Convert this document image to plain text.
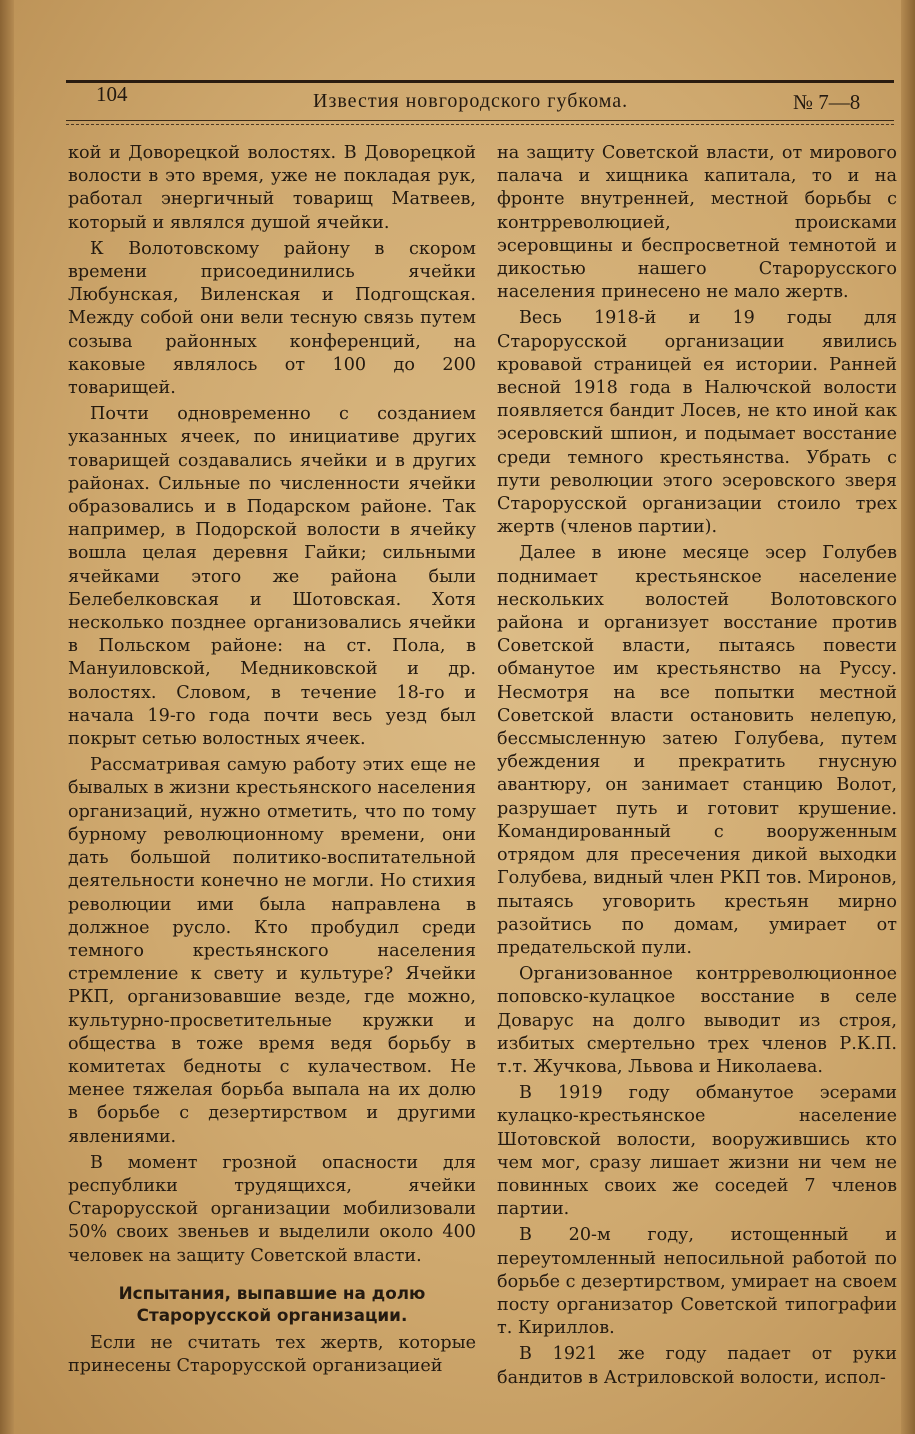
104	Известия новгородского губкома.	№ 7—8

кой и Доворецкой волостях. В Доворецкой волости в это время, уже не покладая рук, работал энергичный товарищ Матвеев, который и являлся душой ячейки.

К Волотовскому району в скором времени присоединились ячейки Любунская, Виленская и Подгощская. Между собой они вели тесную связь путем созыва районных конференций, на каковые являлось от 100 до 200 товарищей.

Почти одновременно с созданием указанных ячеек, по инициативе других товарищей создавались ячейки и в других районах. Сильные по численности ячейки образовались и в Подарском районе. Так например, в Подорской волости в ячейку вошла целая деревня Гайки; сильными ячейками этого же района были Белебелковская и Шотовская. Хотя несколько позднее организовались ячейки в Польском районе: на ст. Пола, в Мануиловской, Медниковской и др. волостях. Словом, в течение 18-го и начала 19-го года почти весь уезд был покрыт сетью волостных ячеек.

Рассматривая самую работу этих еще не бывалых в жизни крестьянского населения организаций, нужно отметить, что по тому бурному революционному времени, они дать большой политико-воспитательной деятельности конечно не могли. Но стихия революции ими была направлена в должное русло. Кто пробудил среди темного крестьянского населения стремление к свету и культуре? Ячейки РКП, организовавшие везде, где можно, культурно-просветительные кружки и общества в тоже время ведя борьбу в комитетах бедноты с кулачеством. Не менее тяжелая борьба выпала на их долю в борьбе с дезертирством и другими явлениями.

В момент грозной опасности для республики трудящихся, ячейки Старорусской организации мобилизовали 50% своих звеньев и выделили около 400 человек на защиту Советской власти.

Испытания, выпавшие на долю
Старорусской организации.

Если не считать тех жертв, которые принесены Старорусской организацией

на защиту Советской власти, от мирового палача и хищника капитала, то и на фронте внутренней, местной борьбы с контрреволюцией, происками эсеровщины и беспросветной темнотой и дикостью нашего Старорусского населения принесено не мало жертв.

Весь 1918-й и 19 годы для Старорусской организации явились кровавой страницей ея истории. Ранней весной 1918 года в Налючской волости появляется бандит Лосев, не кто иной как эсеровский шпион, и подымает восстание среди темного крестьянства. Убрать с пути революции этого эсеровского зверя Старорусской организации стоило трех жертв (членов партии).

Далее в июне месяце эсер Голубев поднимает крестьянское население нескольких волостей Волотовского района и организует восстание против Советской власти, пытаясь повести обманутое им крестьянство на Руссу. Несмотря на все попытки местной Советской власти остановить нелепую, бессмысленную затею Голубева, путем убеждения и прекратить гнусную авантюру, он занимает станцию Волот, разрушает путь и готовит крушение. Командированный с вооруженным отрядом для пресечения дикой выходки Голубева, видный член РКП тов. Миронов, пытаясь уговорить крестьян мирно разойтись по домам, умирает от предательской пули.

Организованное контрреволюционное поповско-кулацкое восстание в селе Доварус на долго выводит из строя, избитых смертельно трех членов Р.К.П. т.т. Жучкова, Львова и Николаева.

В 1919 году обманутое эсерами кулацко-крестьянское население Шотовской волости, вооружившись кто чем мог, сразу лишает жизни ни чем не повинных своих же соседей 7 членов партии.

В 20-м году, истощенный и переутомленный непосильной работой по борьбе с дезертирством, умирает на своем посту организатор Советской типографии т. Кириллов.

В 1921 же году падает от руки бандитов в Астриловской волости, испол-
